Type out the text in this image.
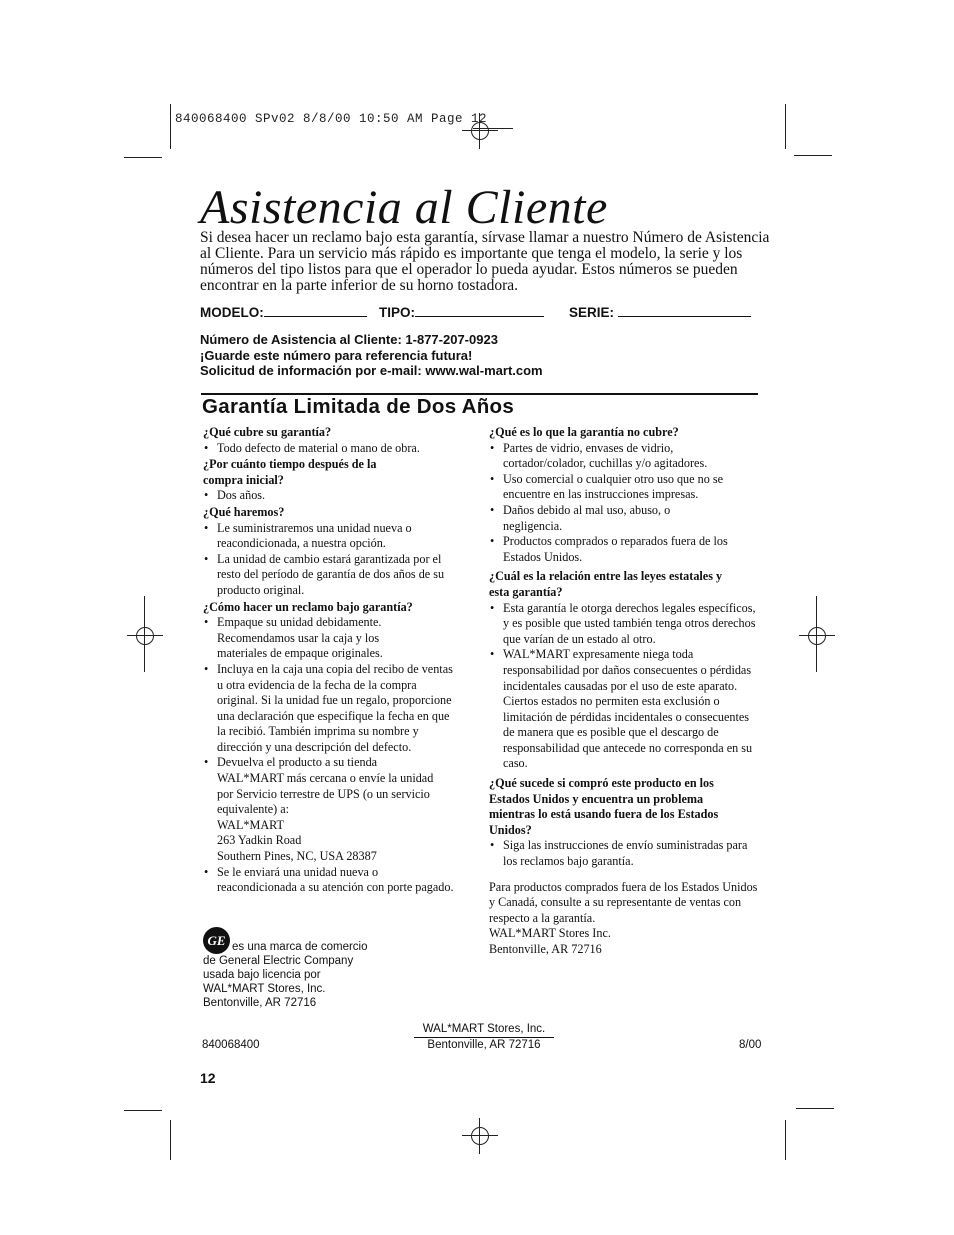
840068400 SPv02 8/8/00 10:50 AM Page 12
Asistencia al Cliente
Si desea hacer un reclamo bajo esta garantía, sírvase llamar a nuestro Número de Asistencia al Cliente. Para un servicio más rápido es importante que tenga el modelo, la serie y los números del tipo listos para que el operador lo pueda ayudar. Estos números se pueden encontrar en la parte inferior de su horno tostadora.
MODELO:	TIPO:	SERIE:
Número de Asistencia al Cliente: 1-877-207-0923
¡Guarde este número para referencia futura!
Solicitud de información por e-mail: www.wal-mart.com
Garantía Limitada de Dos Años

¿Qué cubre su garantía?

• Todo defecto de material o mano de obra.

¿Por cuánto tiempo después de la compra inicial?

• Dos años.

¿Qué haremos?

• Le suministraremos una unidad nueva o reacondicionada, a nuestra opción.
• La unidad de cambio estará garantizada por el resto del período de garantía de dos años de su producto original.

¿Cómo hacer un reclamo bajo garantía?

• Empaque su unidad debidamente. Recomendamos usar la caja y los materiales de empaque originales.
• Incluya en la caja una copia del recibo de ventas u otra evidencia de la fecha de la compra original. Si la unidad fue un regalo, proporcione una declaración que especifique la fecha en que la recibió. También imprima su nombre y dirección y una descripción del defecto.
• Devuelva el producto a su tienda WAL*MART más cercana o envíe la unidad por Servicio terrestre de UPS (o un servicio equivalente) a:
WAL*MART
263 Yadkin Road
Southern Pines, NC, USA 28387
• Se le enviará una unidad nueva o reacondicionada a su atención con porte pagado.
GE es una marca de comercio
de General Electric Company
usada bajo licencia por
WAL*MART Stores, Inc.
Bentonville, AR 72716

¿Qué es lo que la garantía no cubre?

• Partes de vidrio, envases de vidrio, cortador/colador, cuchillas y/o agitadores.
• Uso comercial o cualquier otro uso que no se encuentre en las instrucciones impresas.
• Daños debido al mal uso, abuso, o negligencia.
• Productos comprados o reparados fuera de los Estados Unidos.

¿Cuál es la relación entre las leyes estatales y esta garantía?

• Esta garantía le otorga derechos legales específicos, y es posible que usted también tenga otros derechos que varían de un estado al otro.
• WAL*MART expresamente niega toda responsabilidad por daños consecuentes o pérdidas incidentales causadas por el uso de este aparato. Ciertos estados no permiten esta exclusión o limitación de pérdidas incidentales o consecuentes de manera que es posible que el descargo de responsabilidad que antecede no corresponda en su caso.

¿Qué sucede si compró este producto en los Estados Unidos y encuentra un problema mientras lo está usando fuera de los Estados Unidos?

• Siga las instrucciones de envío suministradas para los reclamos bajo garantía.
Para productos comprados fuera de los Estados Unidos y Canadá, consulte a su representante de ventas con respecto a la garantía.
WAL*MART Stores Inc.
Bentonville, AR 72716
840068400
WAL*MART Stores, Inc.
Bentonville, AR 72716	8/00
12
